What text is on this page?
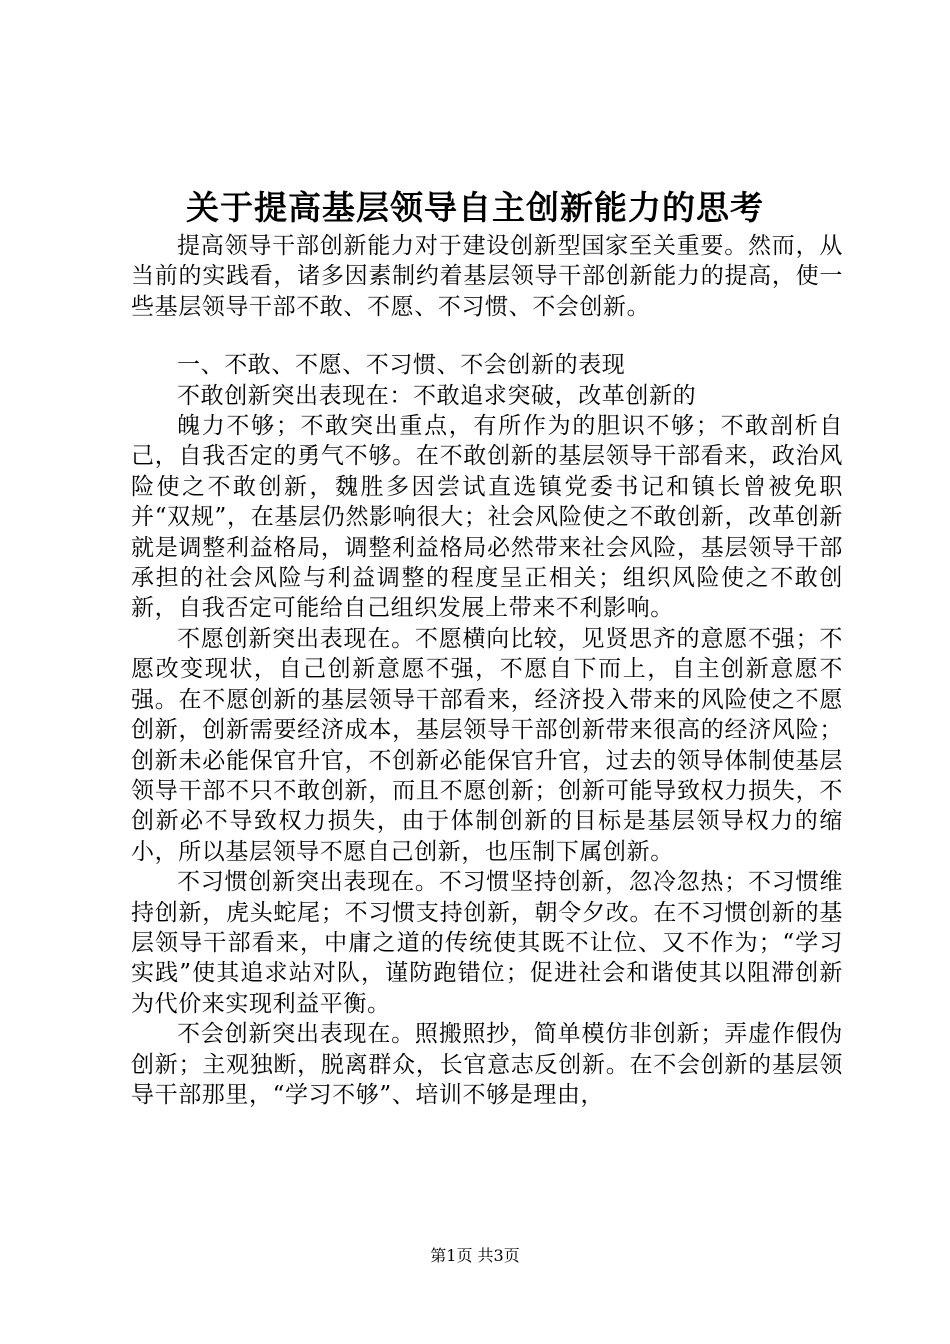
关于提高基层领导自主创新能力的思考

提高领导干部创新能力对于建设创新型国家至关重要。然而，从当前的实践看，诸多因素制约着基层领导干部创新能力的提高，使一些基层领导干部不敢、不愿、不习惯、不会创新。

一、不敢、不愿、不习惯、不会创新的表现

不敢创新突出表现在：不敢追求突破，改革创新的

魄力不够；不敢突出重点，有所作为的胆识不够；不敢剖析自己，自我否定的勇气不够。在不敢创新的基层领导干部看来，政治风险使之不敢创新，魏胜多因尝试直选镇党委书记和镇长曾被免职并“双规”，在基层仍然影响很大；社会风险使之不敢创新，改革创新就是调整利益格局，调整利益格局必然带来社会风险，基层领导干部承担的社会风险与利益调整的程度呈正相关；组织风险使之不敢创新，自我否定可能给自己组织发展上带来不利影响。

不愿创新突出表现在。不愿横向比较，见贤思齐的意愿不强；不愿改变现状，自己创新意愿不强，不愿自下而上，自主创新意愿不强。在不愿创新的基层领导干部看来，经济投入带来的风险使之不愿创新，创新需要经济成本，基层领导干部创新带来很高的经济风险；创新未必能保官升官，不创新必能保官升官，过去的领导体制使基层领导干部不只不敢创新，而且不愿创新；创新可能导致权力损失，不创新必不导致权力损失，由于体制创新的目标是基层领导权力的缩小，所以基层领导不愿自己创新，也压制下属创新。

不习惯创新突出表现在。不习惯坚持创新，忽冷忽热；不习惯维持创新，虎头蛇尾；不习惯支持创新，朝令夕改。在不习惯创新的基层领导干部看来，中庸之道的传统使其既不让位、又不作为；“学习实践”使其追求站对队，谨防跑错位；促进社会和谐使其以阻滞创新为代价来实现利益平衡。

不会创新突出表现在。照搬照抄，简单模仿非创新；弄虚作假伪创新；主观独断，脱离群众，长官意志反创新。在不会创新的基层领导干部那里，“学习不够”、培训不够是理由，

第1页 共3页
